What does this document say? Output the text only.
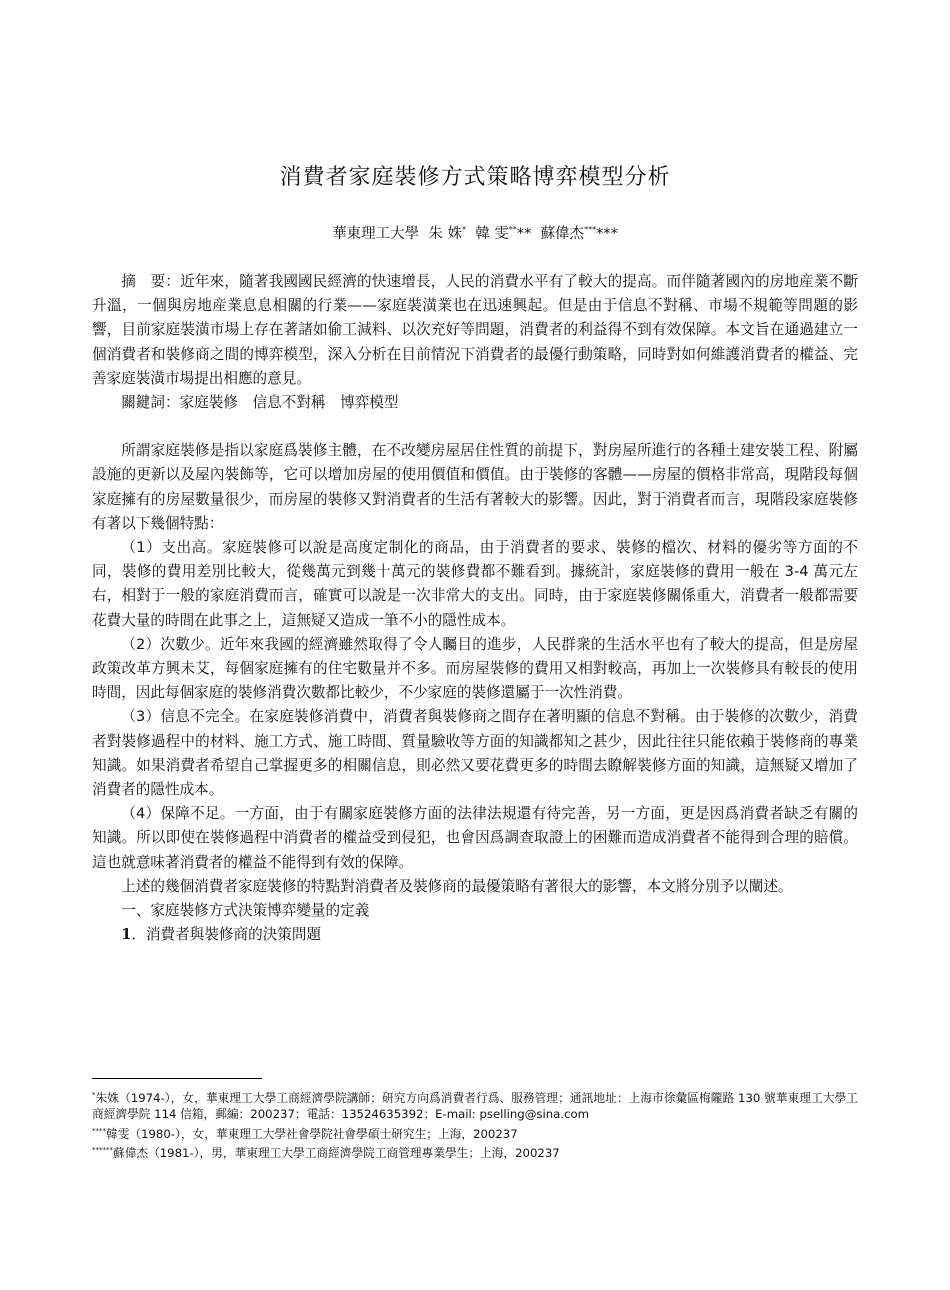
消費者家庭裝修方式策略博弈模型分析
華東理工大學 朱 姝* 韓 雯**** 蘇偉杰******

摘　要：近年來，隨著我國國民經濟的快速增長，人民的消費水平有了較大的提高。而伴隨著國內的房地産業不斷升溫，一個與房地産業息息相關的行業——家庭裝潢業也在迅速興起。但是由于信息不對稱、市場不規範等問題的影響，目前家庭裝潢市場上存在著諸如偷工減料、以次充好等問題，消費者的利益得不到有效保障。本文旨在通過建立一個消費者和裝修商之間的博弈模型，深入分析在目前情況下消費者的最優行動策略，同時對如何維護消費者的權益、完善家庭裝潢市場提出相應的意見。

關鍵詞：家庭裝修　信息不對稱　博弈模型

所謂家庭裝修是指以家庭爲裝修主體，在不改變房屋居住性質的前提下，對房屋所進行的各種土建安裝工程、附屬設施的更新以及屋內裝飾等，它可以增加房屋的使用價值和價值。由于裝修的客體——房屋的價格非常高，現階段每個家庭擁有的房屋數量很少，而房屋的裝修又對消費者的生活有著較大的影響。因此，對于消費者而言，現階段家庭裝修有著以下幾個特點：

（1）支出高。家庭裝修可以說是高度定制化的商品，由于消費者的要求、裝修的檔次、材料的優劣等方面的不同，裝修的費用差別比較大，從幾萬元到幾十萬元的裝修費都不難看到。據統計，家庭裝修的費用一般在 3-4 萬元左右，相對于一般的家庭消費而言，確實可以說是一次非常大的支出。同時，由于家庭裝修關係重大，消費者一般都需要花費大量的時間在此事之上，這無疑又造成一筆不小的隱性成本。

（2）次數少。近年來我國的經濟雖然取得了令人矚目的進步，人民群衆的生活水平也有了較大的提高，但是房屋政策改革方興未艾，每個家庭擁有的住宅數量并不多。而房屋裝修的費用又相對較高，再加上一次裝修具有較長的使用時間，因此每個家庭的裝修消費次數都比較少，不少家庭的裝修還屬于一次性消費。

（3）信息不完全。在家庭裝修消費中，消費者與裝修商之間存在著明顯的信息不對稱。由于裝修的次數少，消費者對裝修過程中的材料、施工方式、施工時間、質量驗收等方面的知識都知之甚少，因此往往只能依賴于裝修商的專業知識。如果消費者希望自己掌握更多的相關信息，則必然又要花費更多的時間去瞭解裝修方面的知識，這無疑又增加了消費者的隱性成本。

（4）保障不足。一方面，由于有關家庭裝修方面的法律法規還有待完善，另一方面，更是因爲消費者缺乏有關的知識。所以即使在裝修過程中消費者的權益受到侵犯，也會因爲調查取證上的困難而造成消費者不能得到合理的賠償。這也就意味著消費者的權益不能得到有效的保障。

上述的幾個消費者家庭裝修的特點對消費者及裝修商的最優策略有著很大的影響，本文將分別予以闡述。

一、家庭裝修方式決策博弈變量的定義

1．消費者與裝修商的決策問題

*朱姝（1974-），女，華東理工大學工商經濟學院講師；研究方向爲消費者行爲、服務管理；通訊地址：上海市徐彙區梅隴路 130 號華東理工大學工商經濟學院 114 信箱，郵編：200237；電話：13524635392；E-mail: pselling@sina.com

****韓雯（1980-），女，華東理工大學社會學院社會學碩士研究生；上海，200237

******蘇偉杰（1981-），男，華東理工大學工商經濟學院工商管理專業學生；上海，200237
